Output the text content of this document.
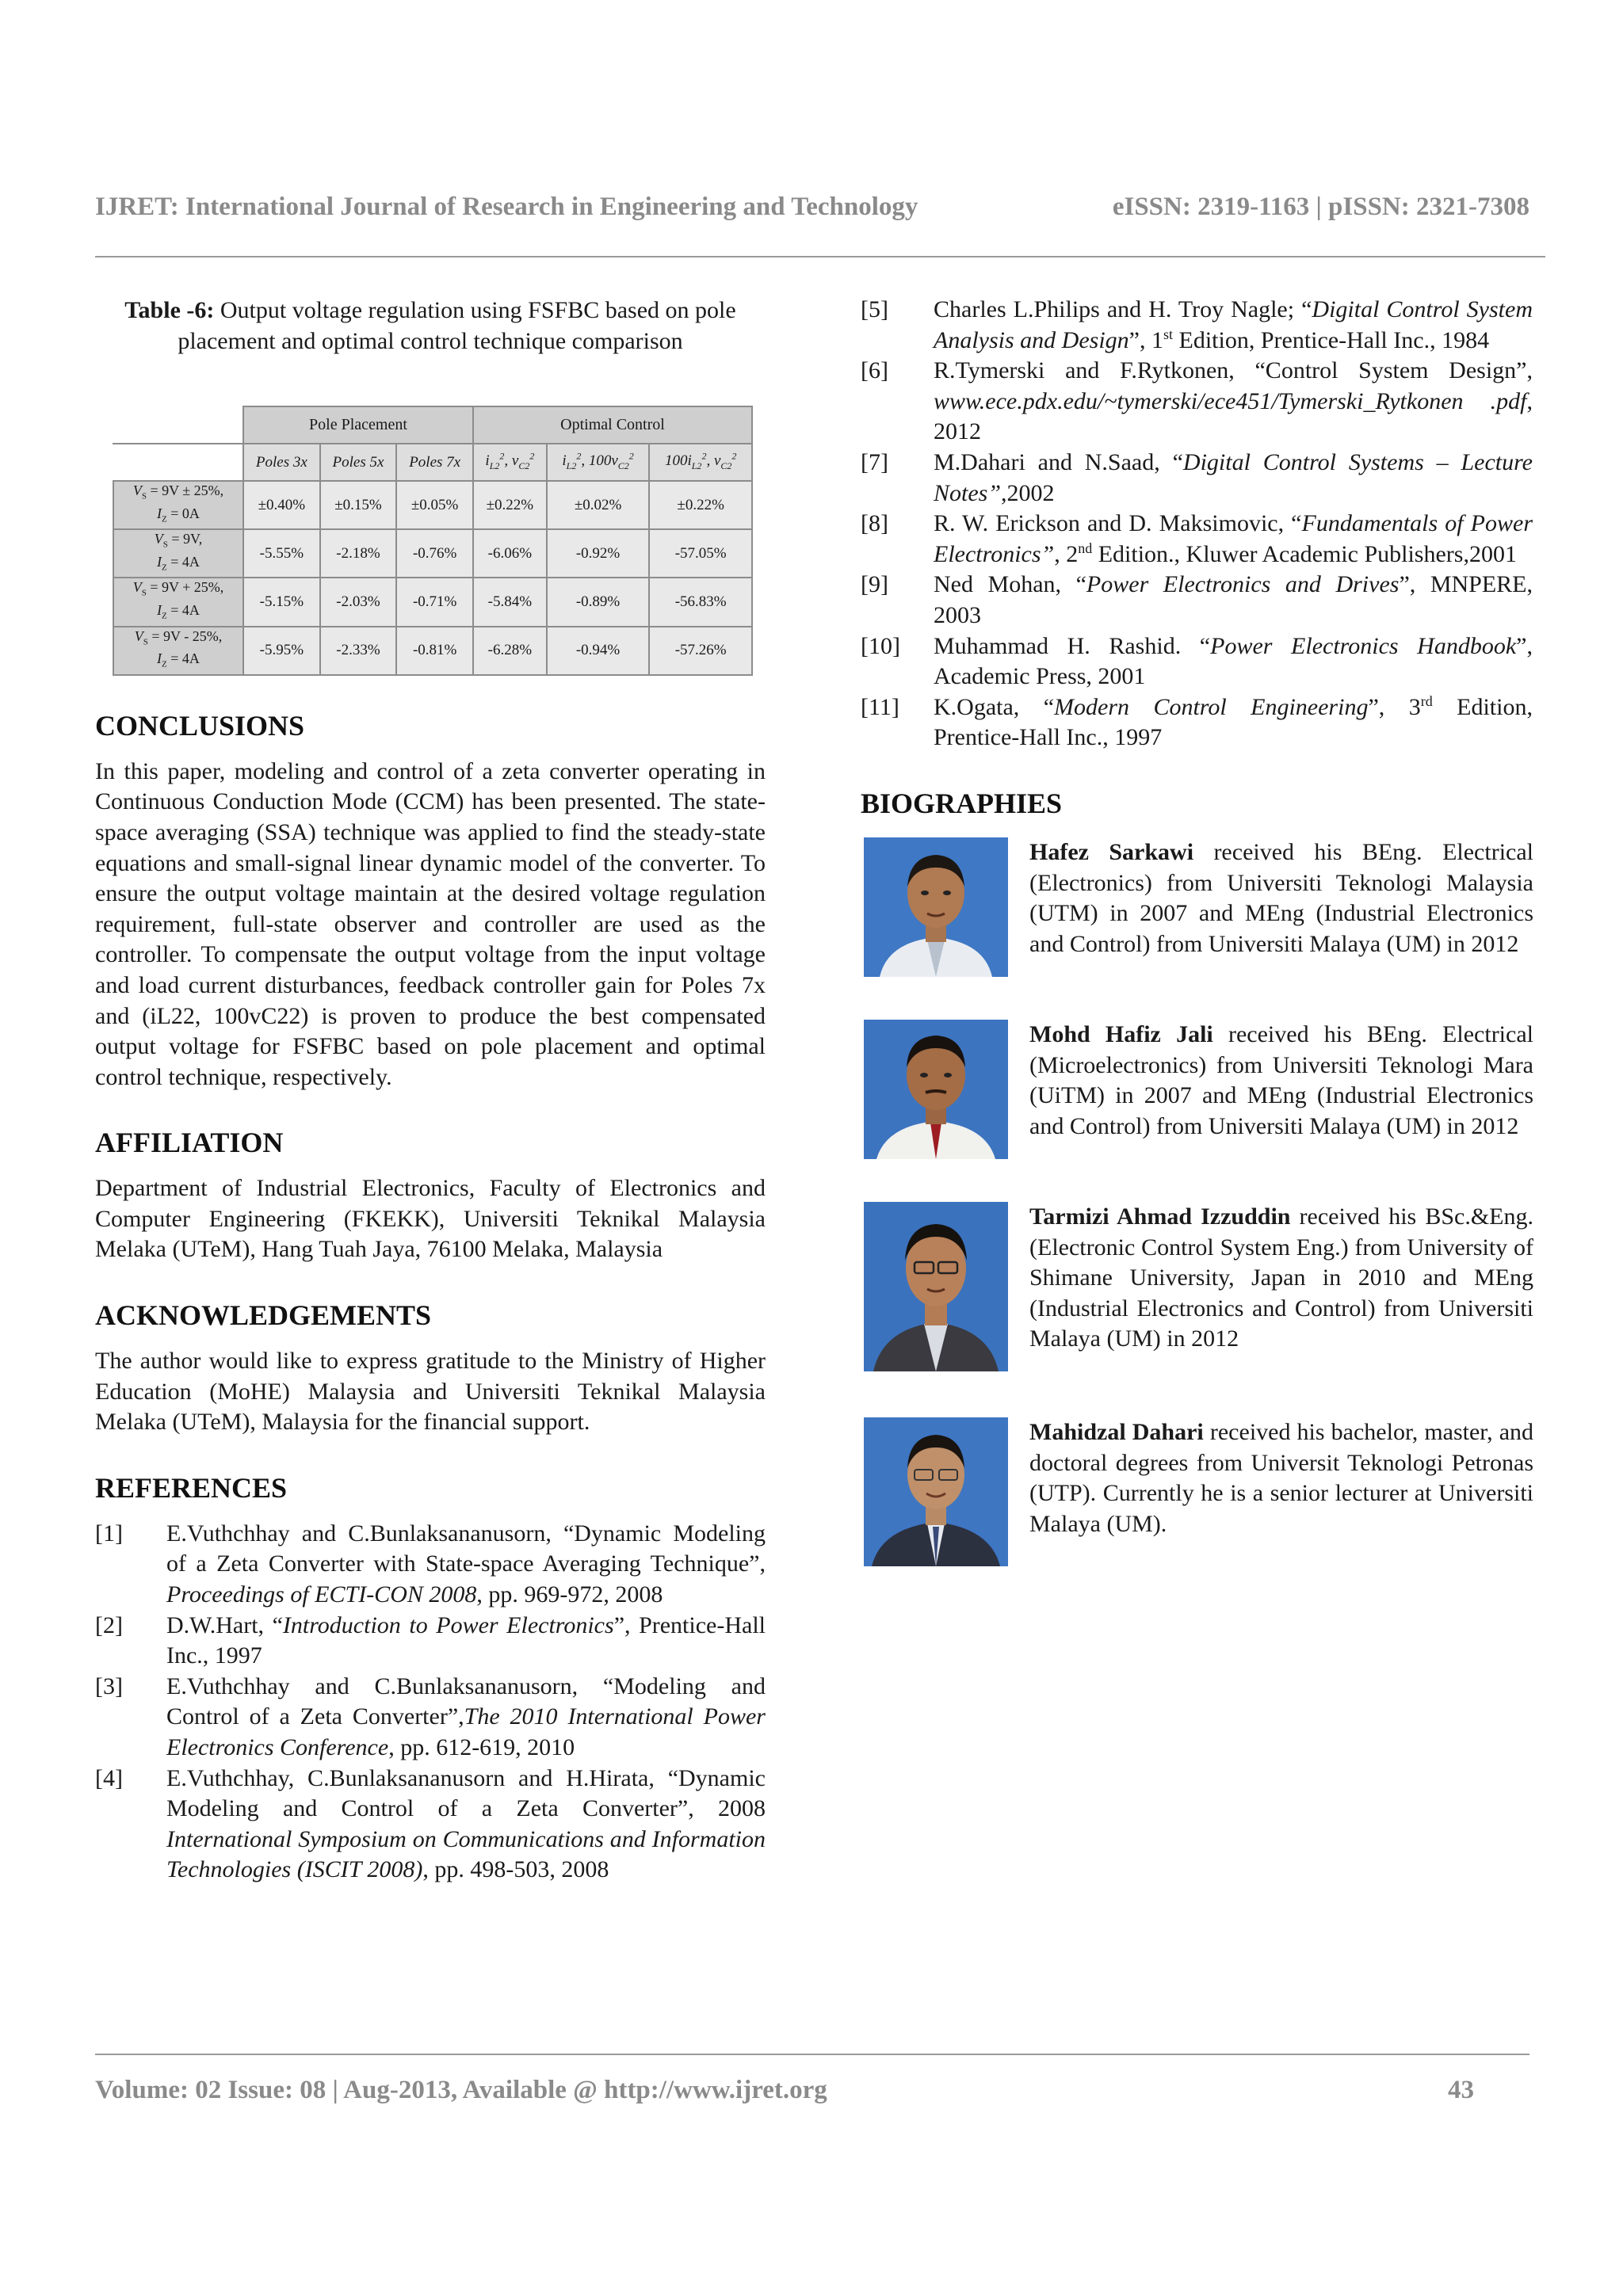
IJRET: International Journal of Research in Engineering and Technology	eISSN: 2319-1163 | pISSN: 2321-7308
Table -6: Output voltage regulation using FSFBC based on pole placement and optimal control technique comparison
	Pole Placement			Optimal Control		
	Poles 3x	Poles 5x	Poles 7x	$i_{L2}^2$, $v_{C2}^2$	$i_{L2}^2$, $100v_{C2}^2$	$100i_{L2}^2$, $v_{C2}^2$
$V_S = 9V \pm 25\%$,
$I_Z = 0A$	±0.40%	±0.15%	±0.05%	±0.22%	±0.02%	±0.22%
$V_S = 9V$,
$I_Z = 4A$	-5.55%	-2.18%	-0.76%	-6.06%	-0.92%	-57.05%
$V_S = 9V + 25\%$,
$I_Z = 4A$	-5.15%	-2.03%	-0.71%	-5.84%	-0.89%	-56.83%
$V_S = 9V - 25\%$,
$I_Z = 4A$	-5.95%	-2.33%	-0.81%	-6.28%	-0.94%	-57.26%
CONCLUSIONS

In this paper, modeling and control of a zeta converter operating in Continuous Conduction Mode (CCM) has been presented. The state-space averaging (SSA) technique was applied to find the steady-state equations and small-signal linear dynamic model of the converter. To ensure the output voltage maintain at the desired voltage regulation requirement, full-state observer and controller are used as the controller. To compensate the output voltage from the input voltage and load current disturbances, feedback controller gain for Poles 7x and (iL22, 100vC22) is proven to produce the best compensated output voltage for FSFBC based on pole placement and optimal control technique, respectively.

AFFILIATION

Department of Industrial Electronics, Faculty of Electronics and Computer Engineering (FKEKK), Universiti Teknikal Malaysia Melaka (UTeM), Hang Tuah Jaya, 76100 Melaka, Malaysia

ACKNOWLEDGEMENTS

The author would like to express gratitude to the Ministry of Higher Education (MoHE) Malaysia and Universiti Teknikal Malaysia Melaka (UTeM), Malaysia for the financial support.

REFERENCES
[1] E.Vuthchhay and C.Bunlaksananusorn, “Dynamic Modeling of a Zeta Converter with State-space Averaging Technique”, Proceedings of ECTI-CON 2008, pp. 969-972, 2008
[2] D.W.Hart, “Introduction to Power Electronics”, Prentice-Hall Inc., 1997
[3] E.Vuthchhay and C.Bunlaksananusorn, “Modeling and Control of a Zeta Converter”,The 2010 International Power Electronics Conference, pp. 612-619, 2010
[4] E.Vuthchhay, C.Bunlaksananusorn and H.Hirata, “Dynamic Modeling and Control of a Zeta Converter”, 2008 International Symposium on Communications and Information Technologies (ISCIT 2008), pp. 498-503, 2008
[5] Charles L.Philips and H. Troy Nagle; “Digital Control System Analysis and Design”, 1st Edition, Prentice-Hall Inc., 1984
[6] R.Tymerski and F.Rytkonen, “Control System Design”, www.ece.pdx.edu/~tymerski/ece451/Tymerski_Rytkonen .pdf, 2012
[7] M.Dahari and N.Saad, “Digital Control Systems – Lecture Notes”,2002
[8] R. W. Erickson and D. Maksimovic, “Fundamentals of Power Electronics”, 2nd Edition., Kluwer Academic Publishers,2001
[9] Ned Mohan, “Power Electronics and Drives”, MNPERE, 2003
[10] Muhammad H. Rashid. “Power Electronics Handbook”, Academic Press, 2001
[11] K.Ogata, “Modern Control Engineering”, 3rd Edition, Prentice-Hall Inc., 1997
BIOGRAPHIES
Hafez Sarkawi received his BEng. Electrical (Electronics) from Universiti Teknologi Malaysia (UTM) in 2007 and MEng (Industrial Electronics and Control) from Universiti Malaya (UM) in 2012
Mohd Hafiz Jali received his BEng. Electrical (Microelectronics) from Universiti Teknologi Mara (UiTM) in 2007 and MEng (Industrial Electronics and Control) from Universiti Malaya (UM) in 2012
Tarmizi Ahmad Izzuddin received his BSc.&Eng. (Electronic Control System Eng.) from University of Shimane University, Japan in 2010 and MEng (Industrial Electronics and Control) from Universiti Malaya (UM) in 2012
Mahidzal Dahari received his bachelor, master, and doctoral degrees from Universit Teknologi Petronas (UTP). Currently he is a senior lecturer at Universiti Malaya (UM).
Volume: 02 Issue: 08 | Aug-2013, Available @ http://www.ijret.org	43
